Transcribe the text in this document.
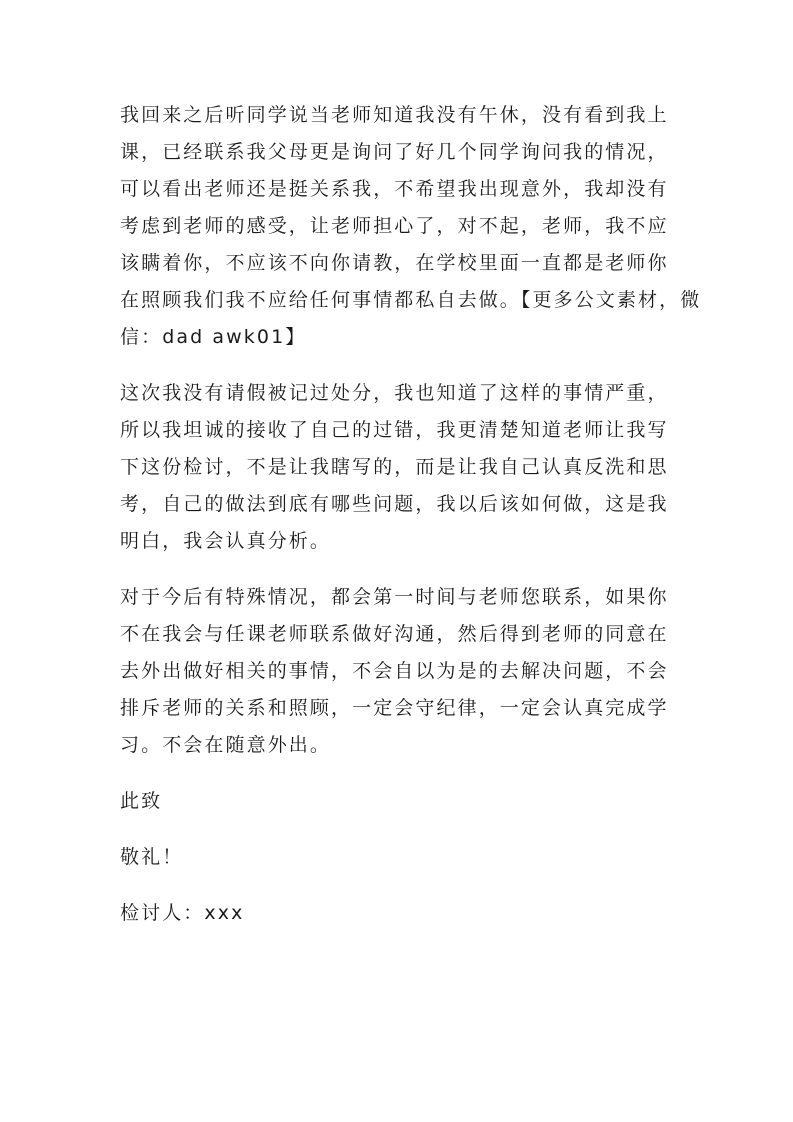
我回来之后听同学说当老师知道我没有午休，没有看到我上
课，已经联系我父母更是询问了好几个同学询问我的情况，
可以看出老师还是挺关系我，不希望我出现意外，我却没有
考虑到老师的感受，让老师担心了，对不起，老师，我不应
该瞒着你，不应该不向你请教，在学校里面一直都是老师你
在照顾我们我不应给任何事情都私自去做。【更多公文素材，微
信：dad awk01】

这次我没有请假被记过处分，我也知道了这样的事情严重，
所以我坦诚的接收了自己的过错，我更清楚知道老师让我写
下这份检讨，不是让我瞎写的，而是让我自己认真反洗和思
考，自己的做法到底有哪些问题，我以后该如何做，这是我
明白，我会认真分析。

对于今后有特殊情况，都会第一时间与老师您联系，如果你
不在我会与任课老师联系做好沟通，然后得到老师的同意在
去外出做好相关的事情，不会自以为是的去解决问题，不会
排斥老师的关系和照顾，一定会守纪律，一定会认真完成学
习。不会在随意外出。

此致

敬礼！

检讨人：xxx
